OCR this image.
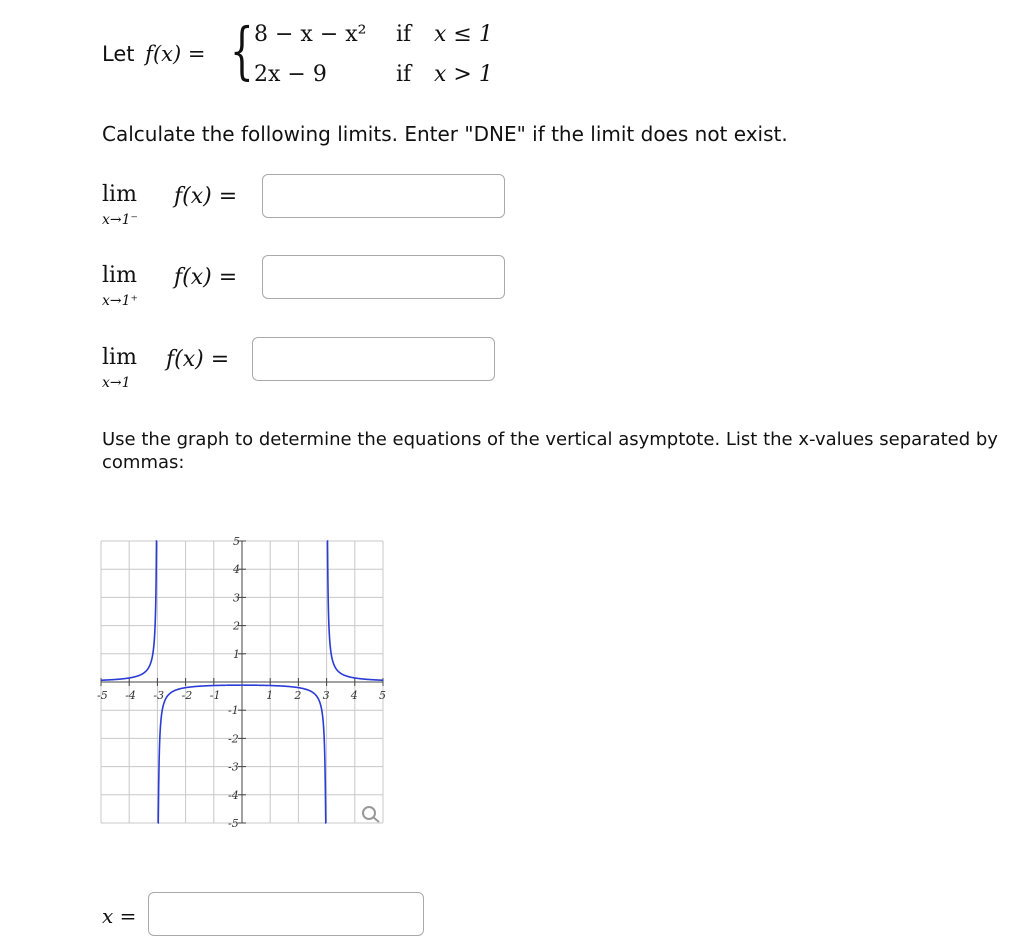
Let f(x) = { 8 − x − x² if x ≤ 1
2x − 9	if x > 1
Calculate the following limits. Enter "DNE" if the limit does not exist.
lim
x→1⁻
f(x) =
lim
x→1⁺
f(x) =
lim
x→1
f(x) =
Use the graph to determine the equations of the vertical asymptote. List the x-values separated by commas:
-5 -4 -3 -2 -1	1 2 3 4 5
5
4
3
2
1
-1
-2
-3
-4
-5
x =
